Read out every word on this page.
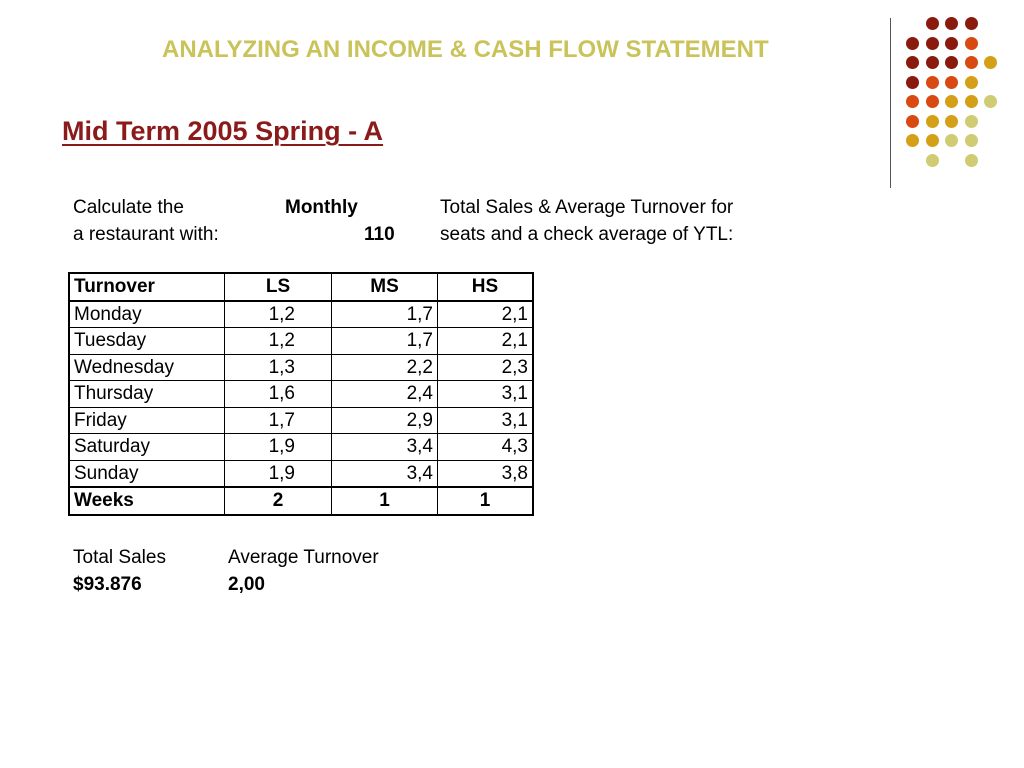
ANALYZING AN INCOME & CASH FLOW STATEMENT
Mid Term 2005 Spring - A
Calculate the	Monthly	Total Sales & Average Turnover for
a restaurant with:	110 seats and a check average of YTL:
Turnover	LS	MS	HS
Monday	1,2	1,7	2,1
Tuesday	1,2	1,7	2,1
Wednesday	1,3	2,2	2,3
Thursday	1,6	2,4	3,1
Friday	1,7	2,9	3,1
Saturday	1,9	3,4	4,3
Sunday	1,9	3,4	3,8
Weeks	2	1	1
Total Sales
$93.876
Average Turnover
2,00
